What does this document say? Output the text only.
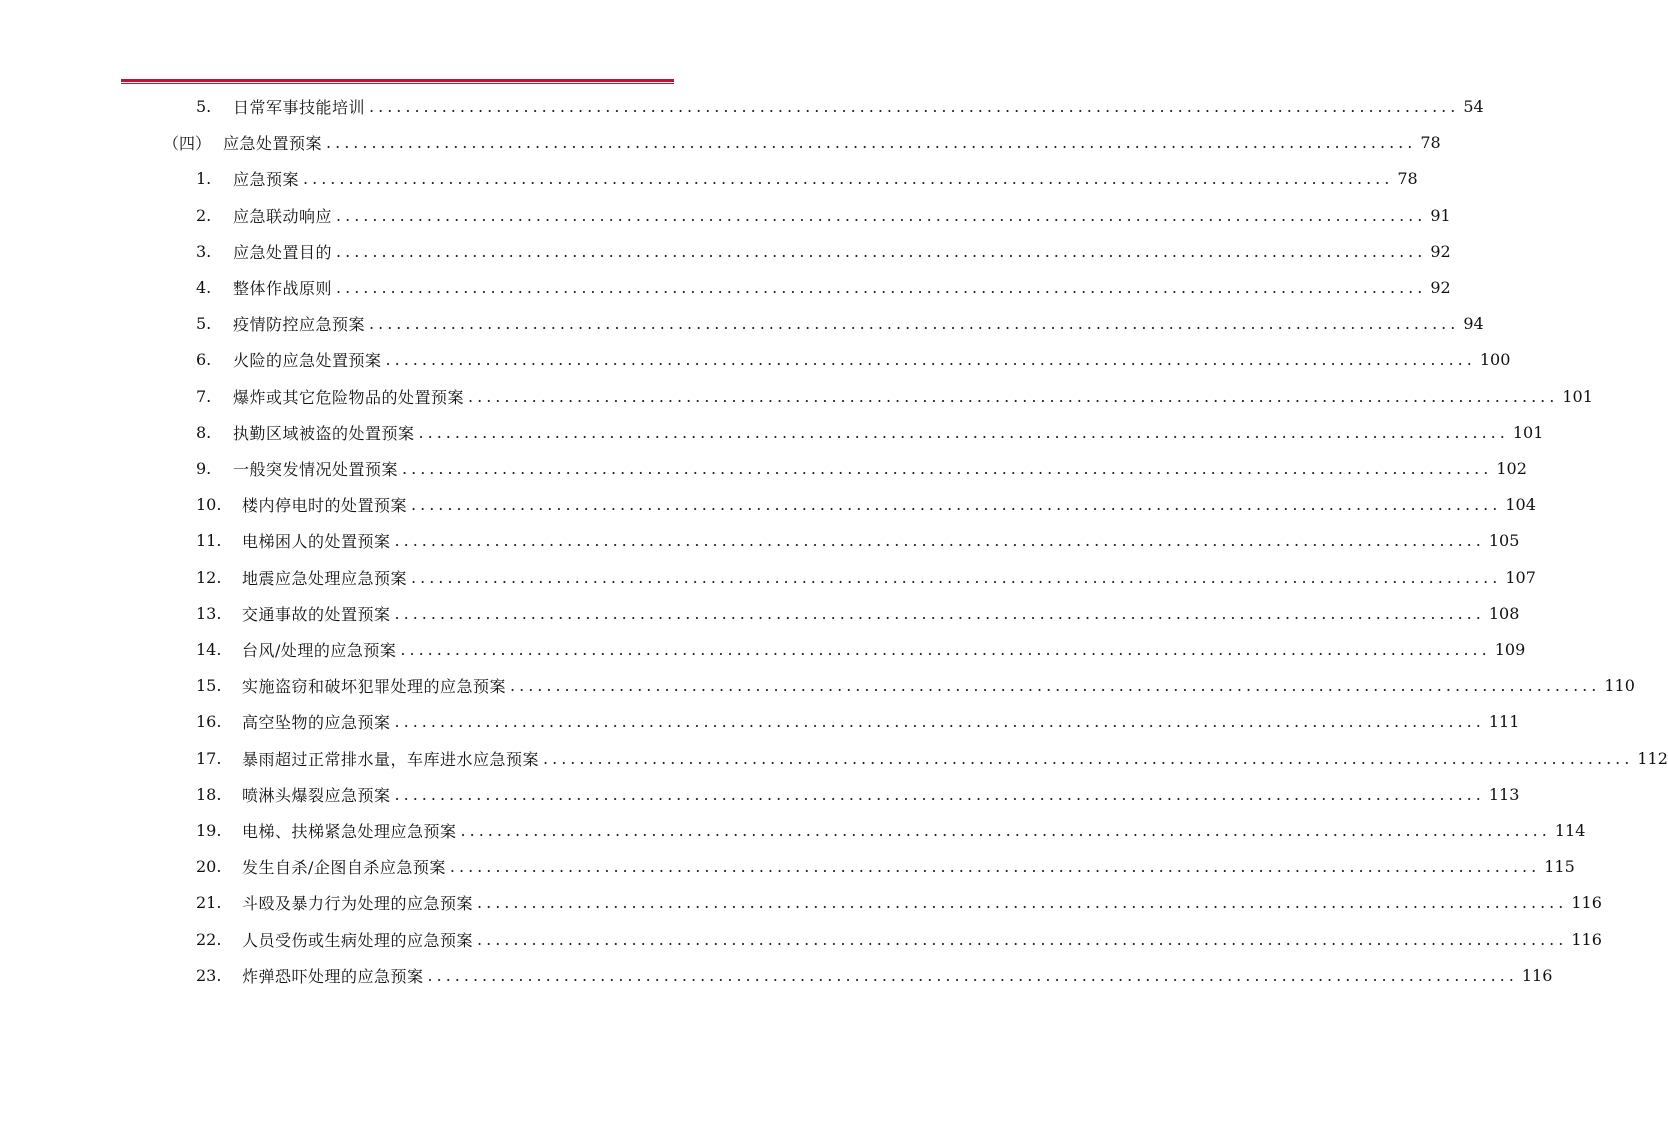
5.	日常军事技能培训 ........................................................................................................................ 54
（四） 应急处置预案 ........................................................................................................................ 78
1.	应急预案 ........................................................................................................................ 78
2.	应急联动响应 ........................................................................................................................ 91
3.	应急处置目的 ........................................................................................................................ 92
4.	整体作战原则 ........................................................................................................................ 92
5.	疫情防控应急预案 ........................................................................................................................ 94
6.	火险的应急处置预案 ........................................................................................................................ 100
7.	爆炸或其它危险物品的处置预案 ........................................................................................................................ 101
8.	执勤区域被盗的处置预案 ........................................................................................................................ 101
9.	一般突发情况处置预案 ........................................................................................................................ 102
10.	楼内停电时的处置预案 ........................................................................................................................ 104
11.	电梯困人的处置预案 ........................................................................................................................ 105
12.	地震应急处理应急预案 ........................................................................................................................ 107
13.	交通事故的处置预案 ........................................................................................................................ 108
14.	台风/处理的应急预案 ........................................................................................................................ 109
15.	实施盗窃和破坏犯罪处理的应急预案 ........................................................................................................................ 110
16.	高空坠物的应急预案 ........................................................................................................................ 111
17.	暴雨超过正常排水量，车库进水应急预案 ........................................................................................................................ 112
18.	喷淋头爆裂应急预案 ........................................................................................................................ 113
19.	电梯、扶梯紧急处理应急预案 ........................................................................................................................ 114
20.	发生自杀/企图自杀应急预案 ........................................................................................................................ 115
21.	斗殴及暴力行为处理的应急预案 ........................................................................................................................ 116
22.	人员受伤或生病处理的应急预案 ........................................................................................................................ 116
23.	炸弹恐吓处理的应急预案 ........................................................................................................................ 116
